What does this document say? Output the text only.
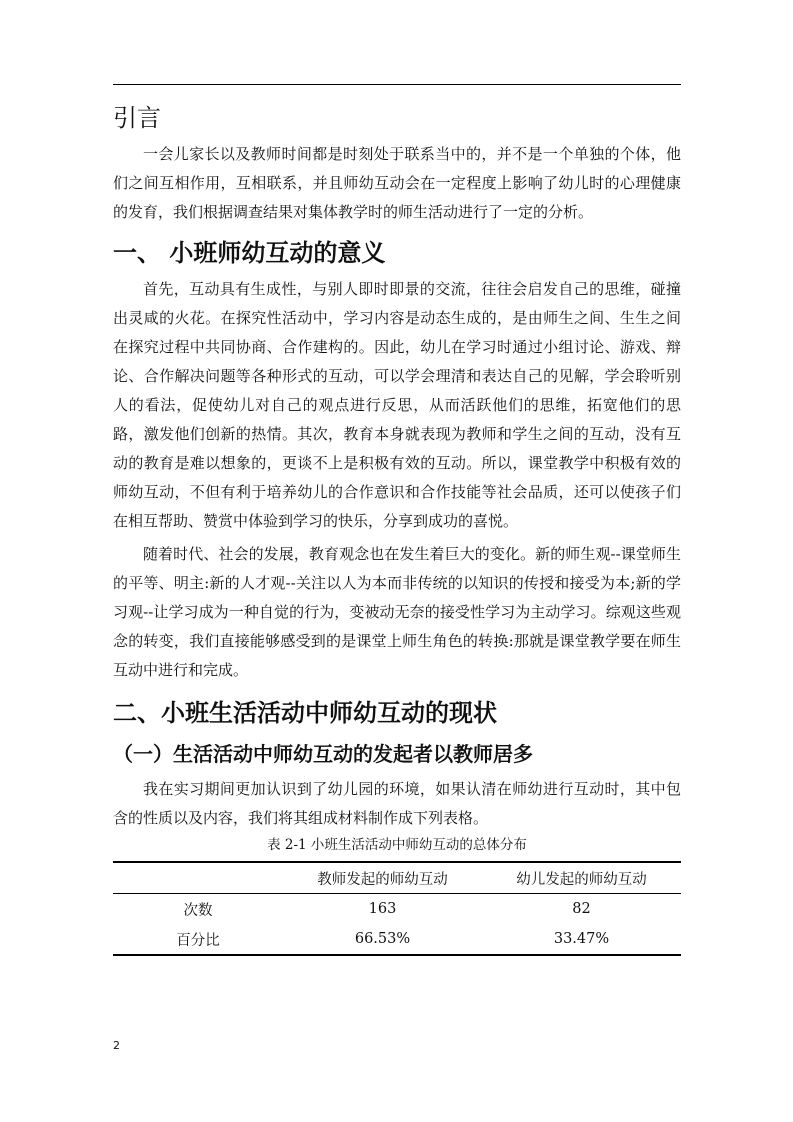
引言

一会儿家长以及教师时间都是时刻处于联系当中的，并不是一个单独的个体，他们之间互相作用，互相联系，并且师幼互动会在一定程度上影响了幼儿时的心理健康的发育，我们根据调查结果对集体教学时的师生活动进行了一定的分析。

一、 小班师幼互动的意义

首先，互动具有生成性，与别人即时即景的交流，往往会启发自己的思维，碰撞出灵咸的火花。在探究性活动中，学习内容是动态生成的，是由师生之间、生生之间在探究过程中共同协商、合作建构的。因此，幼儿在学习时通过小组讨论、游戏、辩论、合作解决问题等各种形式的互动，可以学会理清和表达自己的见解，学会聆听别人的看法，促使幼儿对自己的观点进行反思，从而活跃他们的思维，拓宽他们的思路，激发他们创新的热情。其次，教育本身就表现为教师和学生之间的互动，没有互动的教育是难以想象的，更谈不上是积极有效的互动。所以，课堂教学中积极有效的师幼互动，不但有利于培养幼儿的合作意识和合作技能等社会品质，还可以使孩子们在相互帮助、赞赏中体验到学习的快乐，分享到成功的喜悦。

随着时代、社会的发展，教育观念也在发生着巨大的变化。新的师生观--课堂师生的平等、明主:新的人才观--关注以人为本而非传统的以知识的传授和接受为本;新的学习观--让学习成为一种自觉的行为，变被动无奈的接受性学习为主动学习。综观这些观念的转变，我们直接能够感受到的是课堂上师生角色的转换:那就是课堂教学要在师生互动中进行和完成。

二、小班生活活动中师幼互动的现状
（一）生活活动中师幼互动的发起者以教师居多

我在实习期间更加认识到了幼儿园的环境，如果认清在师幼进行互动时，其中包含的性质以及内容，我们将其组成材料制作成下列表格。

表 2-1 小班生活活动中师幼互动的总体分布
	教师发起的师幼互动	幼儿发起的师幼互动
次数	163	82
百分比	66.53%	33.47%
2
